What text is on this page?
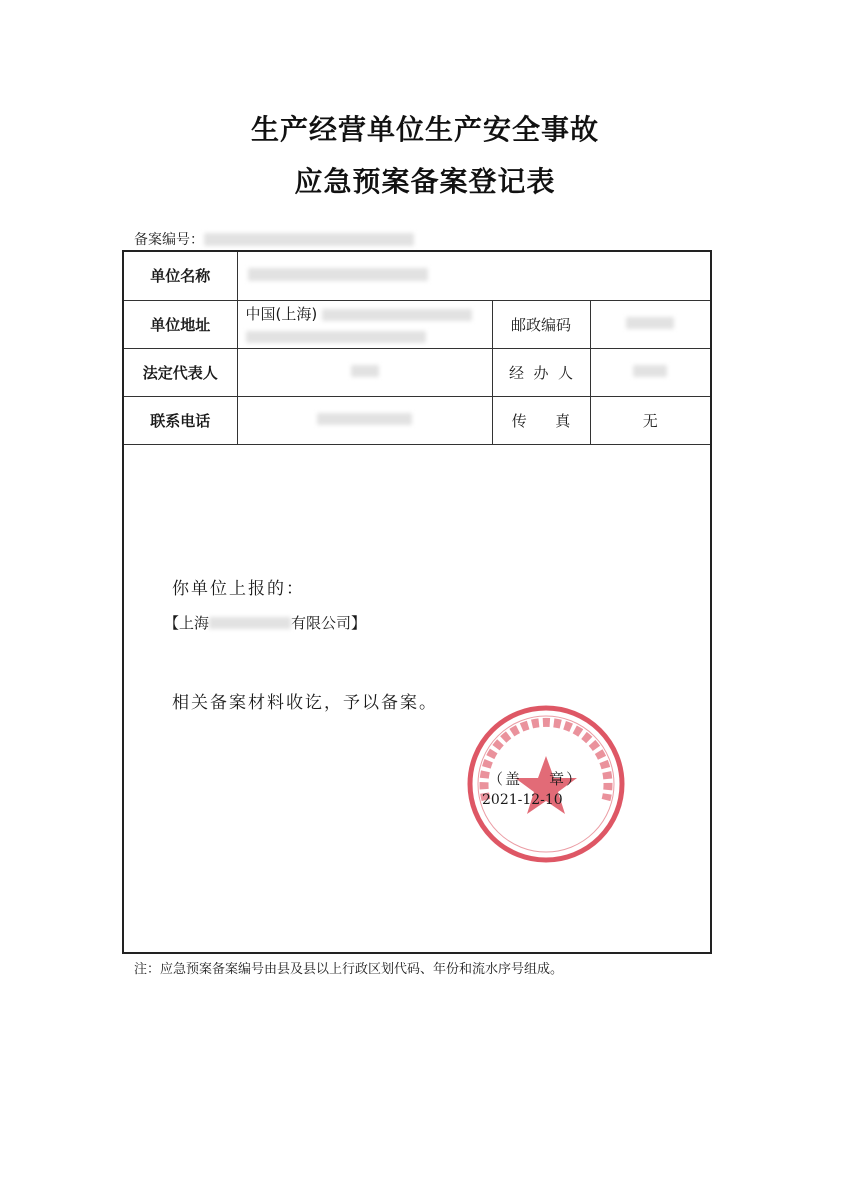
生产经营单位生产安全事故
应急预案备案登记表
备案编号：
单位名称			
单位地址	中国(上海)	邮政编码	
法定代表人		经  办  人	
联系电话		传      真	无
你单位上报的：
【上海	有限公司】
相关备案材料收讫，予以备案。
（盖    章）
2021-12-10
注：应急预案备案编号由县及县以上行政区划代码、年份和流水序号组成。
